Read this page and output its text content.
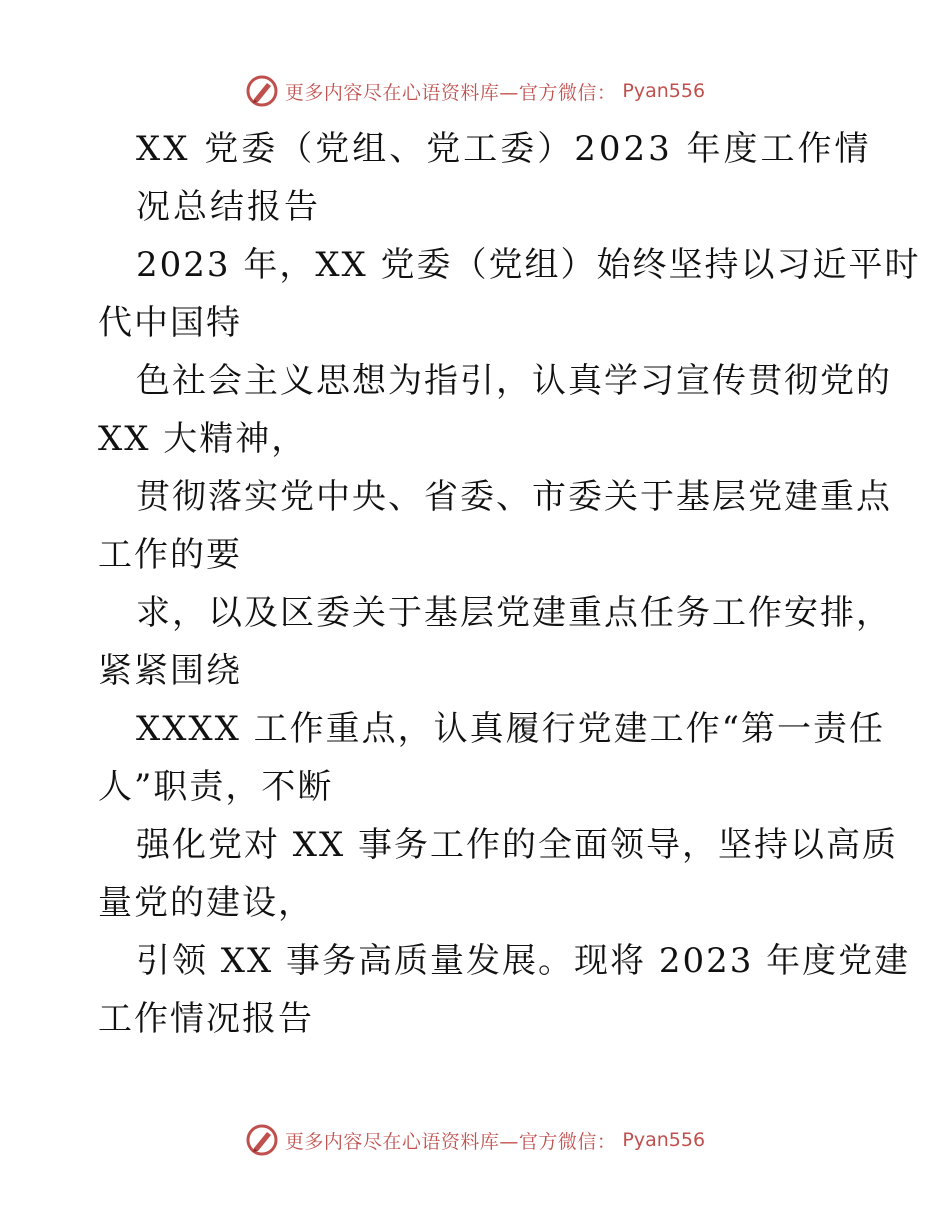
更多内容尽在心语资料库—官方微信： Pyan556
XX 党委（党组、党工委）2023 年度工作情
况总结报告
2023 年，XX 党委（党组）始终坚持以习近平时
代中国特
色社会主义思想为指引，认真学习宣传贯彻党的
XX 大精神，
贯彻落实党中央、省委、市委关于基层党建重点
工作的要
求，以及区委关于基层党建重点任务工作安排，
紧紧围绕
XXXX 工作重点，认真履行党建工作“第一责任
人”职责，不断
强化党对 XX 事务工作的全面领导，坚持以高质
量党的建设，
引领 XX 事务高质量发展。现将 2023 年度党建
工作情况报告
更多内容尽在心语资料库—官方微信： Pyan556
